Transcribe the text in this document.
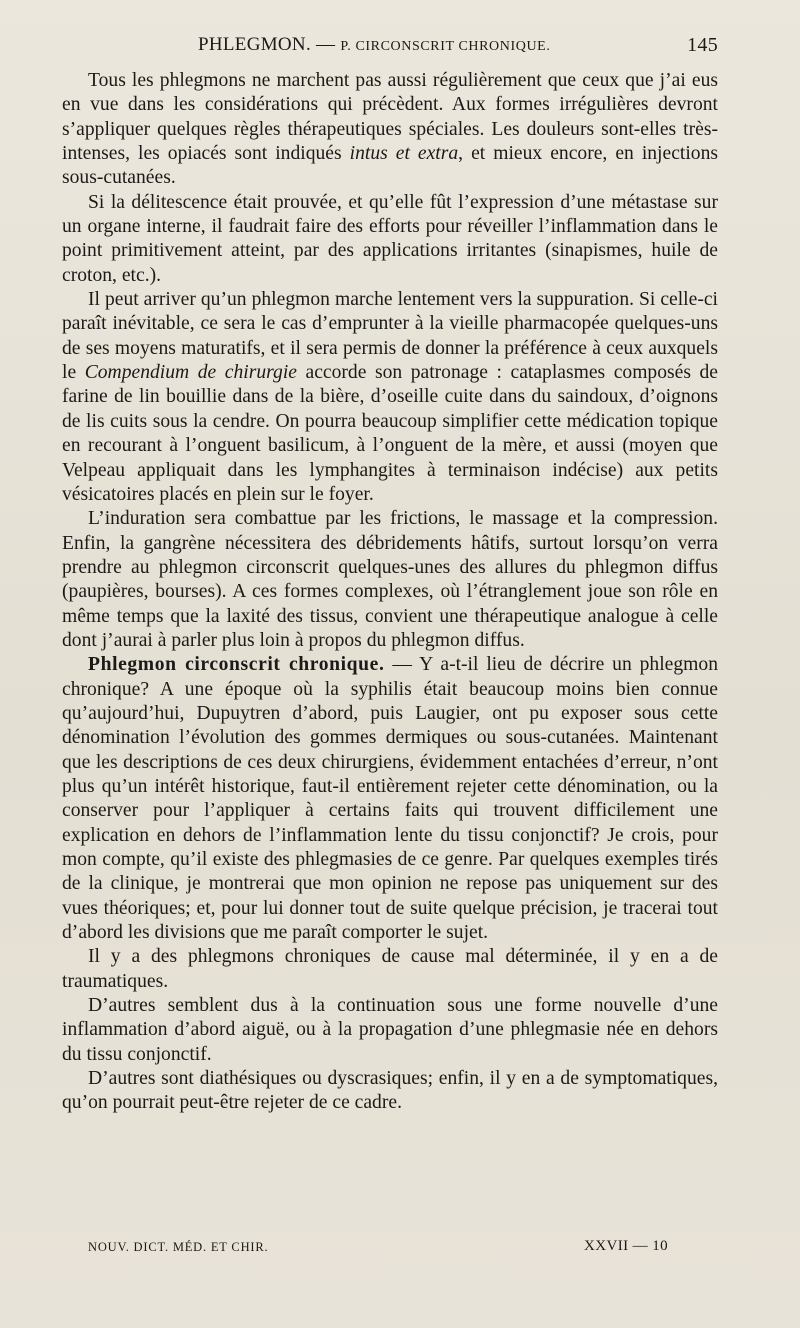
PHLEGMON. — P. CIRCONSCRIT CHRONIQUE.	145

Tous les phlegmons ne marchent pas aussi régulièrement que ceux que j’ai eus en vue dans les considérations qui précèdent. Aux formes irrégulières devront s’appliquer quelques règles thérapeutiques spéciales. Les douleurs sont-elles très-intenses, les opiacés sont indiqués intus et extra, et mieux encore, en injections sous-cutanées.

Si la délitescence était prouvée, et qu’elle fût l’expression d’une métastase sur un organe interne, il faudrait faire des efforts pour réveiller l’inflammation dans le point primitivement atteint, par des applications irritantes (sinapismes, huile de croton, etc.).

Il peut arriver qu’un phlegmon marche lentement vers la suppuration. Si celle-ci paraît inévitable, ce sera le cas d’emprunter à la vieille pharmacopée quelques-uns de ses moyens maturatifs, et il sera permis de donner la préférence à ceux auxquels le Compendium de chirurgie accorde son patronage : cataplasmes composés de farine de lin bouillie dans de la bière, d’oseille cuite dans du saindoux, d’oignons de lis cuits sous la cendre. On pourra beaucoup simplifier cette médication topique en recourant à l’onguent basilicum, à l’onguent de la mère, et aussi (moyen que Velpeau appliquait dans les lymphangites à terminaison indécise) aux petits vésicatoires placés en plein sur le foyer.

L’induration sera combattue par les frictions, le massage et la compression. Enfin, la gangrène nécessitera des débridements hâtifs, surtout lorsqu’on verra prendre au phlegmon circonscrit quelques-unes des allures du phlegmon diffus (paupières, bourses). A ces formes complexes, où l’étranglement joue son rôle en même temps que la laxité des tissus, convient une thérapeutique analogue à celle dont j’aurai à parler plus loin à propos du phlegmon diffus.

Phlegmon circonscrit chronique. — Y a-t-il lieu de décrire un phlegmon chronique? A une époque où la syphilis était beaucoup moins bien connue qu’aujourd’hui, Dupuytren d’abord, puis Laugier, ont pu exposer sous cette dénomination l’évolution des gommes dermiques ou sous-cutanées. Maintenant que les descriptions de ces deux chirurgiens, évidemment entachées d’erreur, n’ont plus qu’un intérêt historique, faut-il entièrement rejeter cette dénomination, ou la conserver pour l’appliquer à certains faits qui trouvent difficilement une explication en dehors de l’inflammation lente du tissu conjonctif? Je crois, pour mon compte, qu’il existe des phlegmasies de ce genre. Par quelques exemples tirés de la clinique, je montrerai que mon opinion ne repose pas uniquement sur des vues théoriques; et, pour lui donner tout de suite quelque précision, je tracerai tout d’abord les divisions que me paraît comporter le sujet.

Il y a des phlegmons chroniques de cause mal déterminée, il y en a de traumatiques.

D’autres semblent dus à la continuation sous une forme nouvelle d’une inflammation d’abord aiguë, ou à la propagation d’une phlegmasie née en dehors du tissu conjonctif.

D’autres sont diathésiques ou dyscrasiques; enfin, il y en a de symptomatiques, qu’on pourrait peut-être rejeter de ce cadre.

NOUV. DICT. MÉD. ET CHIR.	XXVII — 10
